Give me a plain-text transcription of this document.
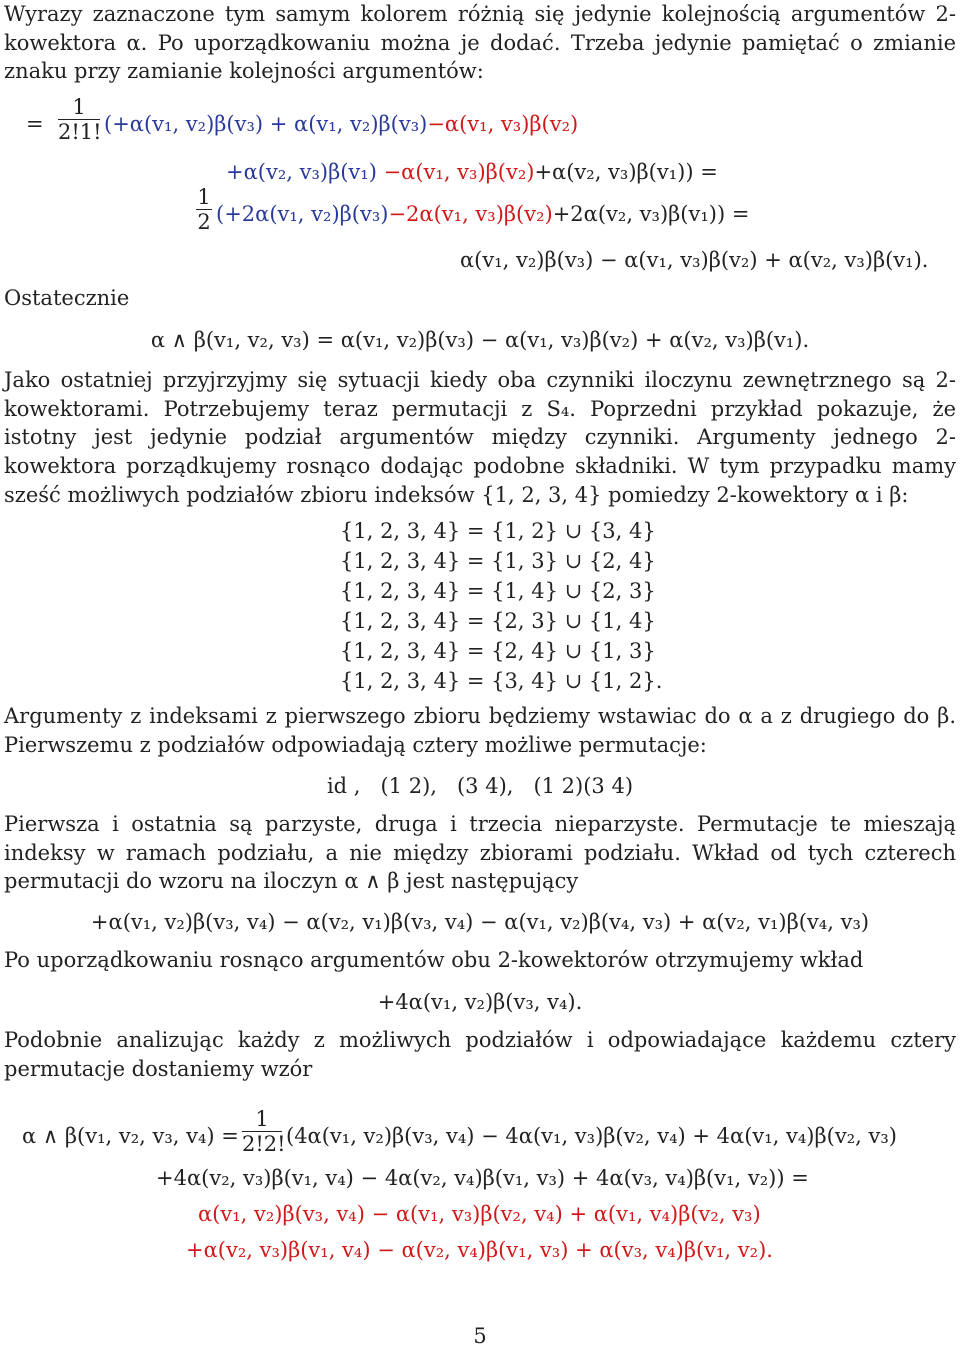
Wyrazy zaznaczone tym samym kolorem różnią się jedynie kolejnością argumentów 2-kowektora α. Po uporządkowaniu można je dodać. Trzeba jedynie pamiętać o zmianie znaku przy zamianie kolejności argumentów:
=
1
2!1! (+α(v₁, v₂)β(v₃) + α(v₁, v₂)β(v₃)−α(v₁, v₃)β(v₂)
+α(v₂, v₃)β(v₁) −α(v₁, v₃)β(v₂)+α(v₂, v₃)β(v₁)) =
1
2 (+2α(v₁, v₂)β(v₃)−2α(v₁, v₃)β(v₂)+2α(v₂, v₃)β(v₁)) =
α(v₁, v₂)β(v₃) − α(v₁, v₃)β(v₂) + α(v₂, v₃)β(v₁).
Ostatecznie
α ∧ β(v₁, v₂, v₃) = α(v₁, v₂)β(v₃) − α(v₁, v₃)β(v₂) + α(v₂, v₃)β(v₁).
Jako ostatniej przyjrzyjmy się sytuacji kiedy oba czynniki iloczynu zewnętrznego są 2-kowektorami. Potrzebujemy teraz permutacji z S₄. Poprzedni przykład pokazuje, że istotny jest jedynie podział argumentów między czynniki. Argumenty jednego 2-kowektora porządkujemy rosnąco dodając podobne składniki. W tym przypadku mamy sześć możliwych podziałów zbioru indeksów {1, 2, 3, 4} pomiedzy 2-kowektory α i β:
{1, 2, 3, 4} = {1, 2} ∪ {3, 4}
{1, 2, 3, 4} = {1, 3} ∪ {2, 4}
{1, 2, 3, 4} = {1, 4} ∪ {2, 3}
{1, 2, 3, 4} = {2, 3} ∪ {1, 4}
{1, 2, 3, 4} = {2, 4} ∪ {1, 3}
{1, 2, 3, 4} = {3, 4} ∪ {1, 2}.
Argumenty z indeksami z pierwszego zbioru będziemy wstawiac do α a z drugiego do β. Pierwszemu z podziałów odpowiadają cztery możliwe permutacje:
id ,   (1 2),   (3 4),   (1 2)(3 4)
Pierwsza i ostatnia są parzyste, druga i trzecia nieparzyste. Permutacje te mieszają indeksy w ramach podziału, a nie między zbiorami podziału. Wkład od tych czterech permutacji do wzoru na iloczyn α ∧ β jest następujący
+α(v₁, v₂)β(v₃, v₄) − α(v₂, v₁)β(v₃, v₄) − α(v₁, v₂)β(v₄, v₃) + α(v₂, v₁)β(v₄, v₃)
Po uporządkowaniu rosnąco argumentów obu 2-kowektorów otrzymujemy wkład
+4α(v₁, v₂)β(v₃, v₄).
Podobnie analizując każdy z możliwych podziałów i odpowiadające każdemu cztery permutacje dostaniemy wzór
α ∧ β(v₁, v₂, v₃, v₄) =
1
2!2! (4α(v₁, v₂)β(v₃, v₄) − 4α(v₁, v₃)β(v₂, v₄) + 4α(v₁, v₄)β(v₂, v₃)
+4α(v₂, v₃)β(v₁, v₄) − 4α(v₂, v₄)β(v₁, v₃) + 4α(v₃, v₄)β(v₁, v₂)) =
α(v₁, v₂)β(v₃, v₄) − α(v₁, v₃)β(v₂, v₄) + α(v₁, v₄)β(v₂, v₃)
+α(v₂, v₃)β(v₁, v₄) − α(v₂, v₄)β(v₁, v₃) + α(v₃, v₄)β(v₁, v₂).
5
